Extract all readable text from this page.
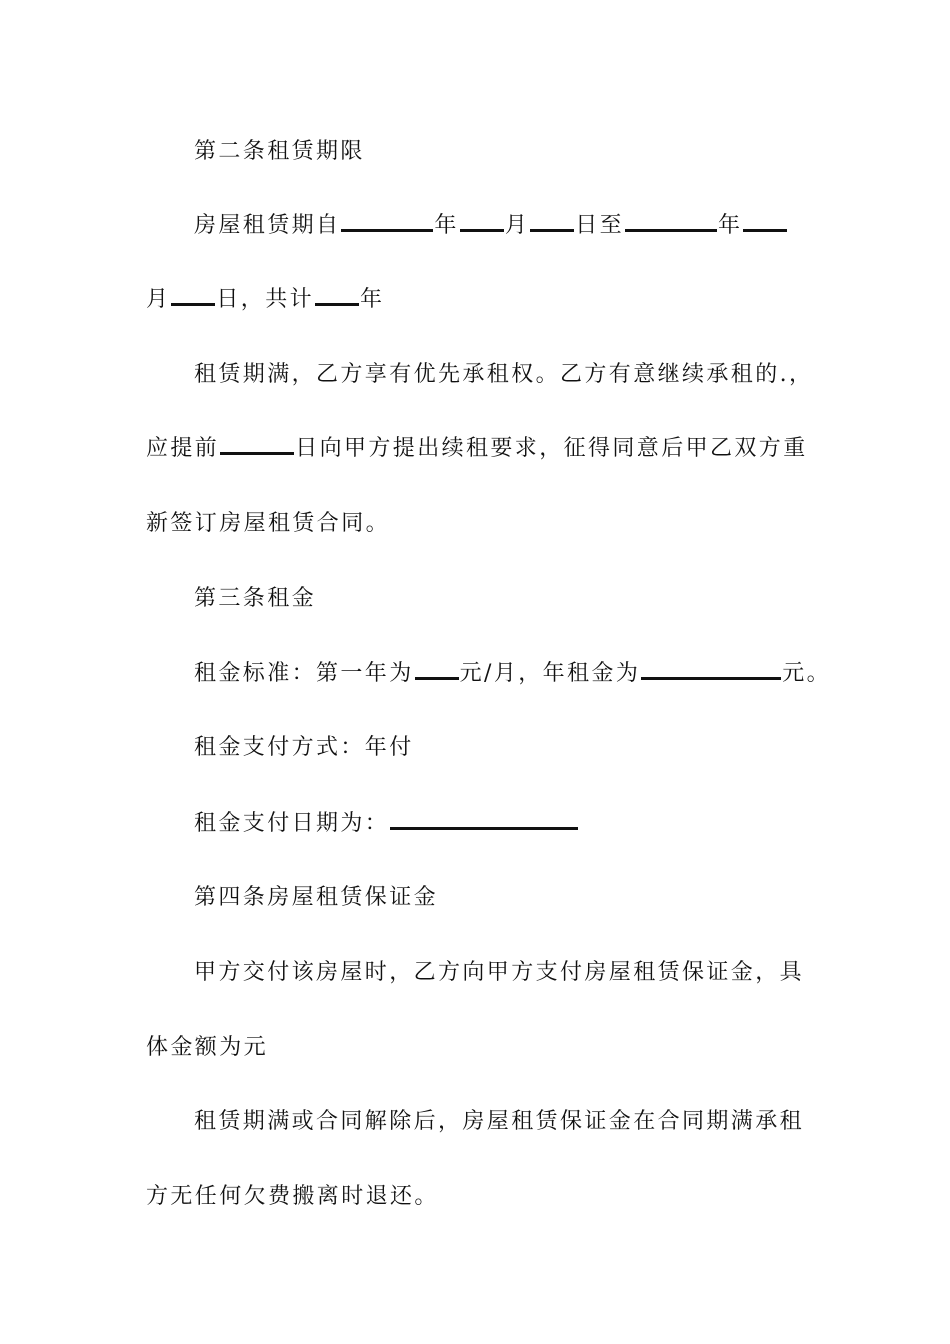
第二条租赁期限
房屋租赁期自	年 月 日至	年
月 日，共计 年
租赁期满，乙方享有优先承租权。乙方有意继续承租的.，
应提前	日向甲方提出续租要求，征得同意后甲乙双方重
新签订房屋租赁合同。
第三条租金
租金标准：第一年为 元/月，年租金为	元。
租金支付方式：年付
租金支付日期为：
第四条房屋租赁保证金
甲方交付该房屋时，乙方向甲方支付房屋租赁保证金，具
体金额为元
租赁期满或合同解除后，房屋租赁保证金在合同期满承租
方无任何欠费搬离时退还。
